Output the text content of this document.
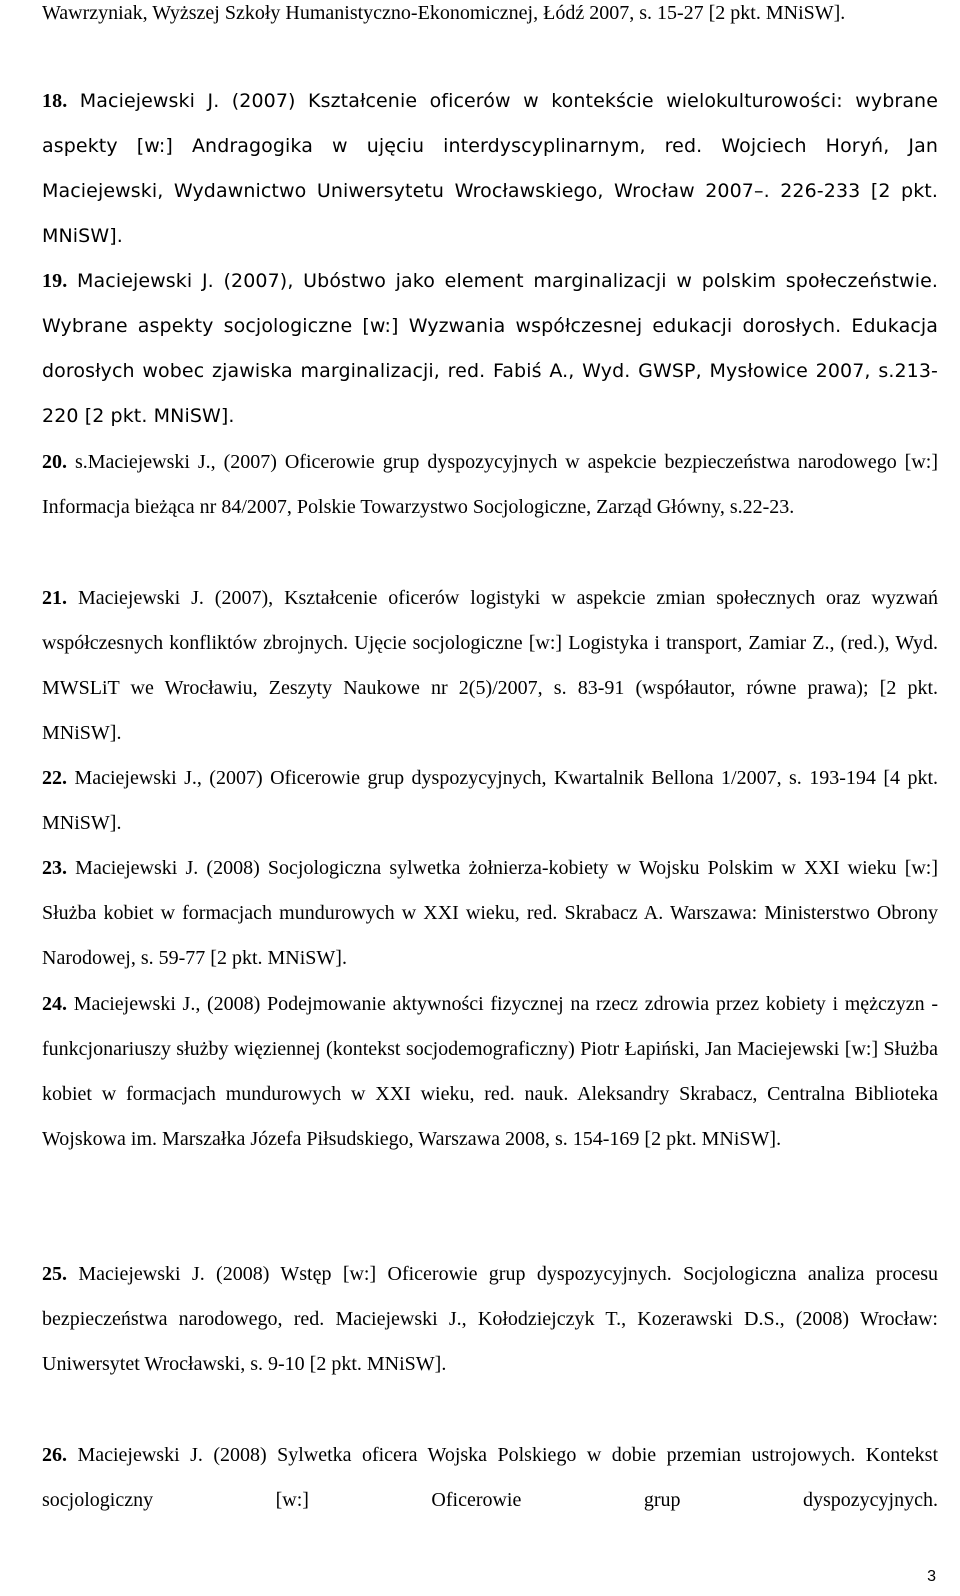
Wawrzyniak, Wyższej Szkoły Humanistyczno-Ekonomicznej, Łódź 2007, s. 15-27 [2 pkt. MNiSW].
18. Maciejewski J. (2007) Kształcenie oficerów w kontekście wielokulturowości: wybrane aspekty [w:] Andragogika w ujęciu interdyscyplinarnym, red. Wojciech Horyń, Jan Maciejewski, Wydawnictwo Uniwersytetu Wrocławskiego, Wrocław 2007–. 226-233 [2 pkt. MNiSW].
19. Maciejewski J. (2007), Ubóstwo jako element marginalizacji w polskim społeczeństwie. Wybrane aspekty socjologiczne [w:] Wyzwania współczesnej edukacji dorosłych. Edukacja dorosłych wobec zjawiska marginalizacji, red. Fabiś A., Wyd. GWSP, Mysłowice 2007, s.213-220 [2 pkt. MNiSW].
20. s.Maciejewski J., (2007) Oficerowie grup dyspozycyjnych w aspekcie bezpieczeństwa narodowego [w:] Informacja bieżąca nr 84/2007, Polskie Towarzystwo Socjologiczne, Zarząd Główny, s.22-23.
21. Maciejewski J. (2007), Kształcenie oficerów logistyki w aspekcie zmian społecznych oraz wyzwań współczesnych konfliktów zbrojnych. Ujęcie socjologiczne [w:] Logistyka i transport, Zamiar Z., (red.), Wyd. MWSLiT we Wrocławiu, Zeszyty Naukowe nr 2(5)/2007, s. 83-91 (współautor, równe prawa); [2 pkt. MNiSW].
22. Maciejewski J., (2007) Oficerowie grup dyspozycyjnych, Kwartalnik Bellona 1/2007, s. 193-194 [4 pkt. MNiSW].
23. Maciejewski J. (2008) Socjologiczna sylwetka żołnierza-kobiety w Wojsku Polskim w XXI wieku [w:] Służba kobiet w formacjach mundurowych w XXI wieku, red. Skrabacz A. Warszawa: Ministerstwo Obrony Narodowej, s. 59-77 [2 pkt. MNiSW].
24. Maciejewski J., (2008) Podejmowanie aktywności fizycznej na rzecz zdrowia przez kobiety i mężczyzn - funkcjonariuszy służby więziennej (kontekst socjodemograficzny) Piotr Łapiński, Jan Maciejewski [w:] Służba kobiet w formacjach mundurowych w XXI wieku, red. nauk. Aleksandry Skrabacz, Centralna Biblioteka Wojskowa im. Marszałka Józefa Piłsudskiego, Warszawa 2008, s. 154-169 [2 pkt. MNiSW].
25. Maciejewski J. (2008) Wstęp [w:] Oficerowie grup dyspozycyjnych. Socjologiczna analiza procesu bezpieczeństwa narodowego, red. Maciejewski J., Kołodziejczyk T., Kozerawski D.S., (2008) Wrocław: Uniwersytet Wrocławski, s. 9-10 [2 pkt. MNiSW].
26. Maciejewski J. (2008) Sylwetka oficera Wojska Polskiego w dobie przemian ustrojowych. Kontekst socjologiczny [w:] Oficerowie grup dyspozycyjnych.
3
